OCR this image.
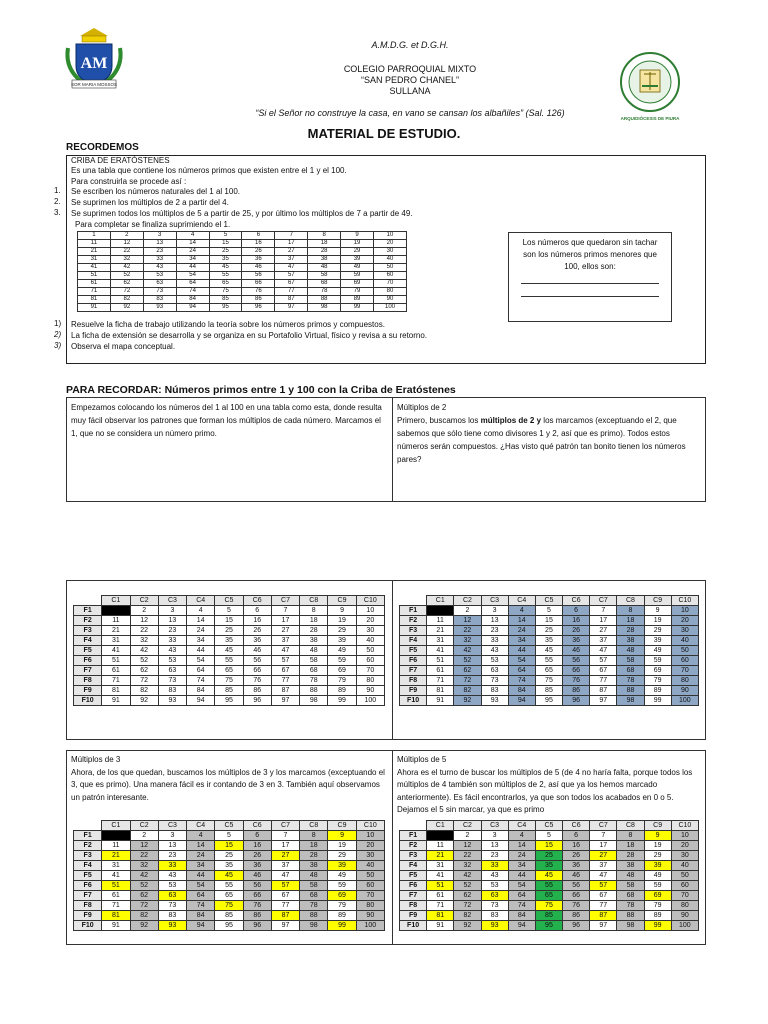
AM
SOR MARIA MOSSOS
ARQUIDIÓCESIS DE PIURA
A.M.D.G. et D.G.H.
COLEGIO PARROQUIAL MIXTO
“SAN PEDRO CHANEL”
SULLANA
“Si el Señor no construye la casa, en vano se cansan los albañiles” (Sal. 126)
MATERIAL DE ESTUDIO.
RECORDEMOS
CRIBA DE ERATÓSTENES
Es una tabla que contiene los números primos que existen entre el 1 y el 100.
Para construirla se procede así :
Se escriben los números naturales del 1 al 100.
Se suprimen los múltiplos de 2 a partir del 4.
Se suprimen todos los múltiplos de 5 a partir de 25, y por último los múltiplos de 7 a partir de 49.
Para completar se finaliza suprimiendo el 1.
1	2	3	4	5	6	7	8	9	10
11	12	13	14	15	16	17	18	19	20
21	22	23	24	25	26	27	28	29	30
31	32	33	34	35	36	37	38	39	40
41	42	43	44	45	46	47	48	49	50
51	52	53	54	55	56	57	58	59	60
61	62	63	64	65	66	67	68	69	70
71	72	73	74	75	76	77	78	79	80
81	82	83	84	85	86	87	88	89	90
91	92	93	94	95	96	97	98	99	100
Resuelve la ficha de trabajo utilizando la teoría sobre los números primos y compuestos.
La ficha de extensión se desarrolla y se organiza en su Portafolio Virtual, físico y revisa a su retorno.
Observa el mapa conceptual.
1.
2.
3.
1)
2)
3)
Los números que quedaron sin tachar son los números primos menores que 100, ellos son:
PARA RECORDAR: Números primos entre 1 y 100 con la Criba de Eratóstenes
Empezamos colocando los números del 1 al 100 en una tabla como esta, donde resulta muy fácil observar los patrones que forman los múltiplos de cada número. Marcamos el 1, que no se considera un número primo.
Múltiplos de 2
Primero, buscamos los múltiplos de 2 y los marcamos (exceptuando el 2, que sabemos que sólo tiene como divisores 1 y 2, así que es primo). Todos estos números serán compuestos. ¿Has visto qué patrón tan bonito tienen los números pares?
	C1	C2	C3	C4	C5	C6	C7	C8	C9	C10
F1	1	2	3	4	5	6	7	8	9	10
F2	11	12	13	14	15	16	17	18	19	20
F3	21	22	23	24	25	26	27	28	29	30
F4	31	32	33	34	35	36	37	38	39	40
F5	41	42	43	44	45	46	47	48	49	50
F6	51	52	53	54	55	56	57	58	59	60
F7	61	62	63	64	65	66	67	68	69	70
F8	71	72	73	74	75	76	77	78	79	80
F9	81	82	83	84	85	86	87	88	89	90
F10	91	92	93	94	95	96	97	98	99	100
	C1	C2	C3	C4	C5	C6	C7	C8	C9	C10
F1	1	2	3	4	5	6	7	8	9	10
F2	11	12	13	14	15	16	17	18	19	20
F3	21	22	23	24	25	26	27	28	29	30
F4	31	32	33	34	35	36	37	38	39	40
F5	41	42	43	44	45	46	47	48	49	50
F6	51	52	53	54	55	56	57	58	59	60
F7	61	62	63	64	65	66	67	68	69	70
F8	71	72	73	74	75	76	77	78	79	80
F9	81	82	83	84	85	86	87	88	89	90
F10	91	92	93	94	95	96	97	98	99	100
Múltiplos de 3
Ahora, de los que quedan, buscamos los múltiplos de 3 y los marcamos (exceptuando el 3, que es primo). Una manera fácil es ir contando de 3 en 3. También aquí observamos un patrón interesante.
	C1	C2	C3	C4	C5	C6	C7	C8	C9	C10
F1	1	2	3	4	5	6	7	8	9	10
F2	11	12	13	14	15	16	17	18	19	20
F3	21	22	23	24	25	26	27	28	29	30
F4	31	32	33	34	35	36	37	38	39	40
F5	41	42	43	44	45	46	47	48	49	50
F6	51	52	53	54	55	56	57	58	59	60
F7	61	62	63	64	65	66	67	68	69	70
F8	71	72	73	74	75	76	77	78	79	80
F9	81	82	83	84	85	86	87	88	89	90
F10	91	92	93	94	95	96	97	98	99	100
Múltiplos de 5
Ahora es el turno de buscar los múltiplos de 5 (de 4 no haría falta, porque todos los múltiplos de 4 también son múltiplos de 2, así que ya los hemos marcado anteriormente). Es fácil encontrarlos, ya que son todos los acabados en 0 o 5. Dejamos el 5 sin marcar, ya que es primo
	C1	C2	C3	C4	C5	C6	C7	C8	C9	C10
F1	1	2	3	4	5	6	7	8	9	10
F2	11	12	13	14	15	16	17	18	19	20
F3	21	22	23	24	25	26	27	28	29	30
F4	31	32	33	34	35	36	37	38	39	40
F5	41	42	43	44	45	46	47	48	49	50
F6	51	52	53	54	55	56	57	58	59	60
F7	61	62	63	64	65	66	67	68	69	70
F8	71	72	73	74	75	76	77	78	79	80
F9	81	82	83	84	85	86	87	88	89	90
F10	91	92	93	94	95	96	97	98	99	100
